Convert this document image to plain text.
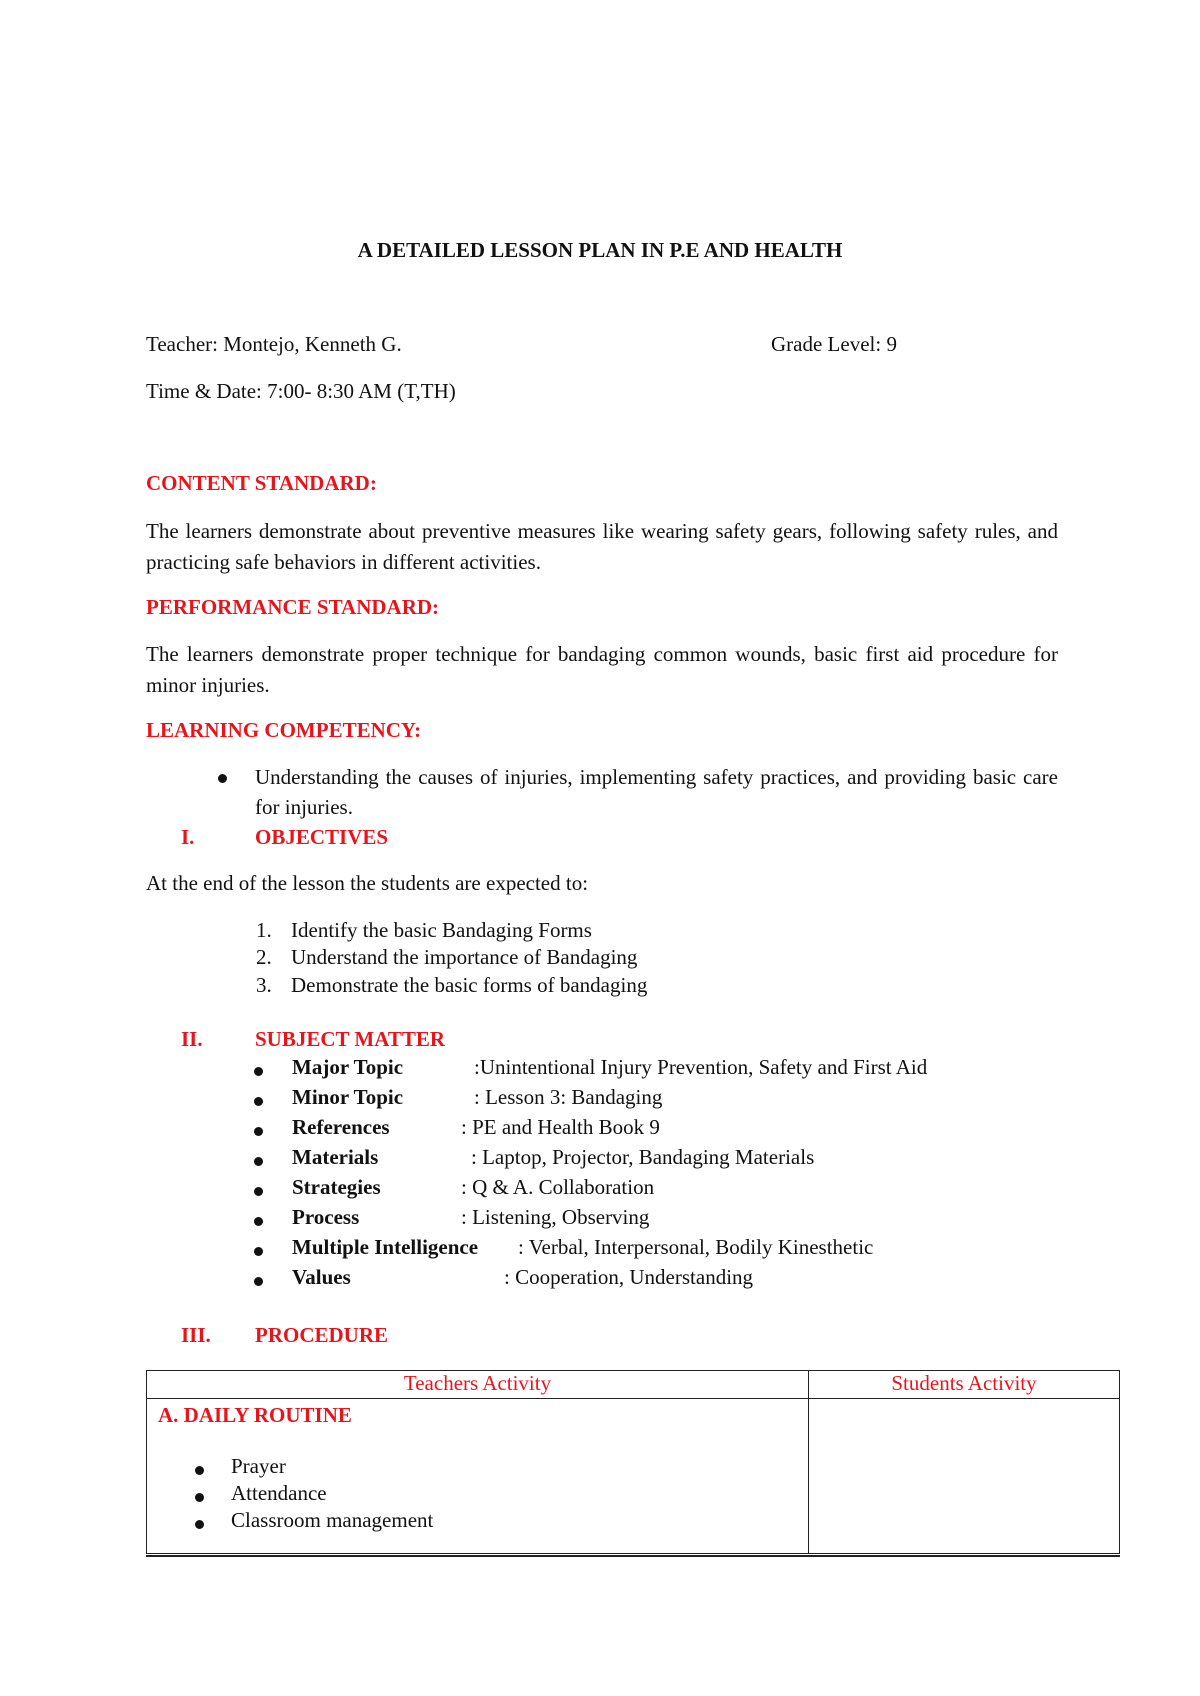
A DETAILED LESSON PLAN IN P.E AND HEALTH
Teacher: Montejo, Kenneth G.	Grade Level: 9
Time & Date: 7:00- 8:30 AM (T,TH)
CONTENT STANDARD:
The learners demonstrate about preventive measures like wearing safety gears, following safety rules, and practicing safe behaviors in different activities.
PERFORMANCE STANDARD:
The learners demonstrate proper technique for bandaging common wounds, basic first aid procedure for minor injuries.
LEARNING COMPETENCY:
Understanding the causes of injuries, implementing safety practices, and providing basic care for injuries.
I.	OBJECTIVES
At the end of the lesson the students are expected to:
1. Identify the basic Bandaging Forms
2. Understand the importance of Bandaging
3. Demonstrate the basic forms of bandaging
II. SUBJECT MATTER
Major Topic	:Unintentional Injury Prevention, Safety and First Aid
Minor Topic	: Lesson 3: Bandaging
References	: PE and Health Book 9
Materials	: Laptop, Projector, Bandaging Materials
Strategies	: Q & A. Collaboration
Process	: Listening, Observing
Multiple Intelligence : Verbal, Interpersonal, Bodily Kinesthetic
Values	: Cooperation, Understanding
III. PROCEDURE
Teachers Activity	Students Activity

A. DAILY ROUTINE
Prayer
Attendance
Classroom management	
